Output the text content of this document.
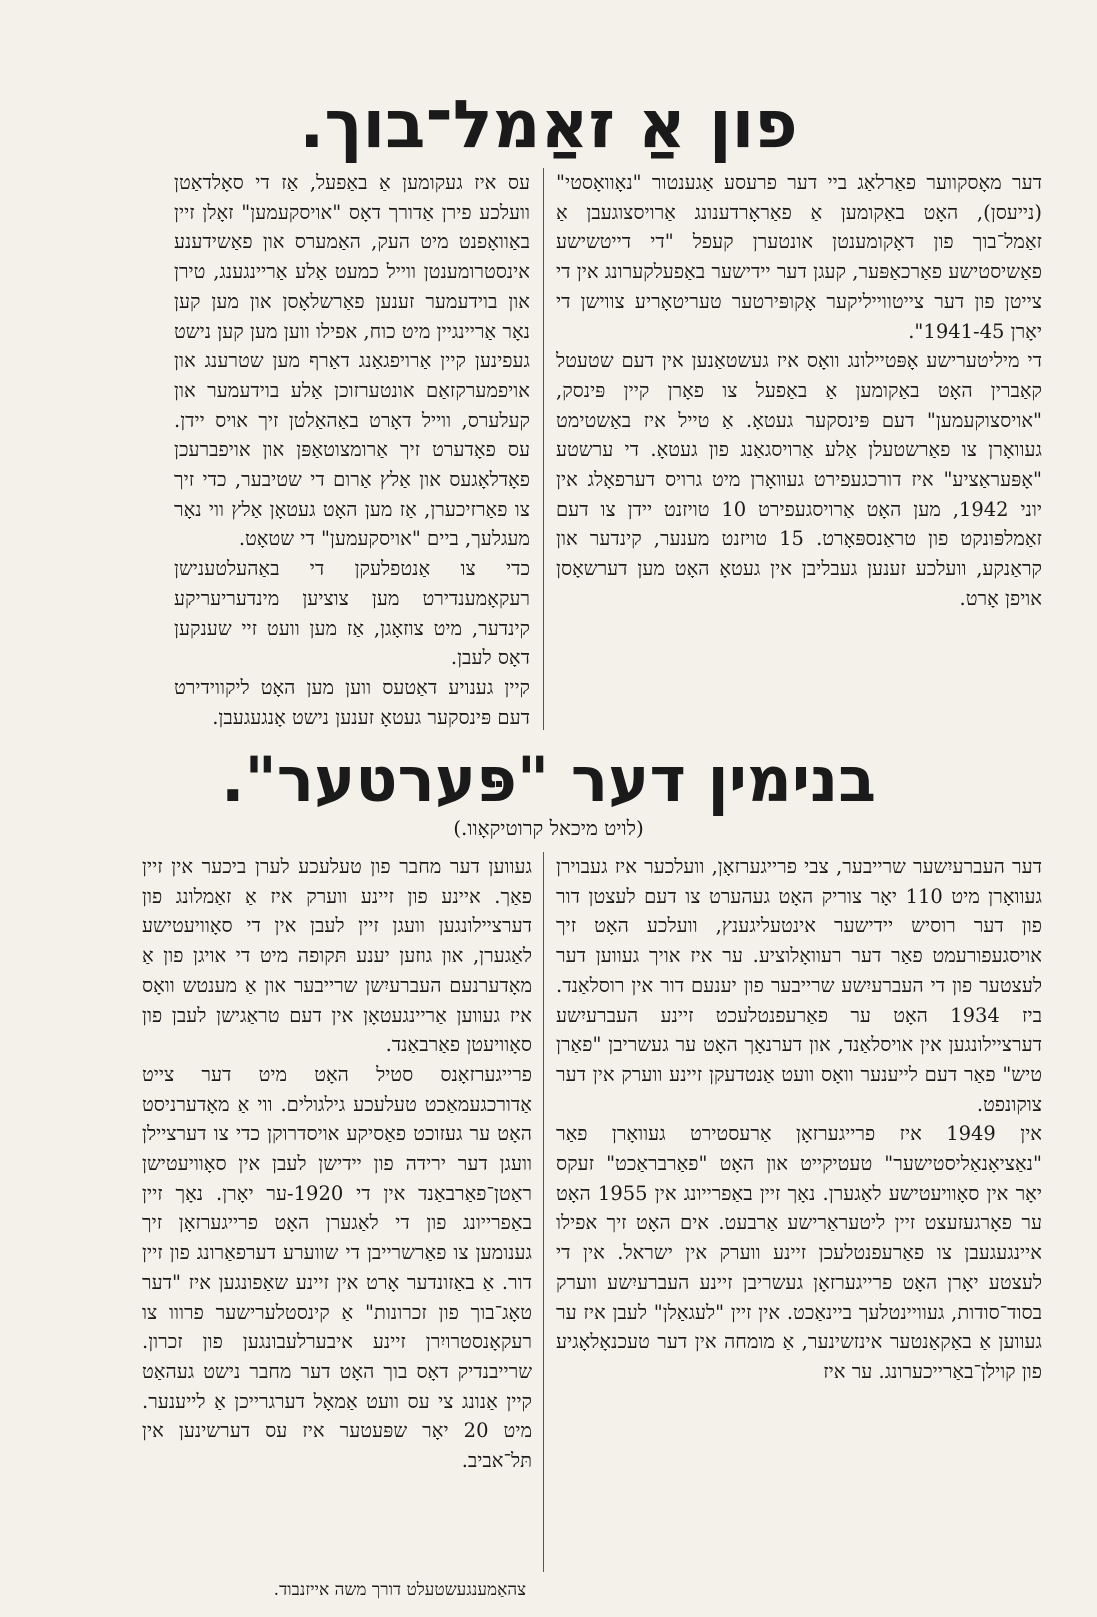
פון אַ זאַמל־בוך.

דער מאָסקווער פאַרלאַג ביי דער פרעסע אַגענטור "נאָוואָסטי" (נייעסן), האָט באַקומען אַ פאַראָרדענונג אַרויסצוגעבן אַ זאַמל־בוך פון דאָקומענטן אונטערן קעפל "די דייטשישע פאַשיסטישע פאַרכאַפּער, קעגן דער יידישער באַפעלקערונג אין די צייטן פון דער צייטווייליקער אָקופּירטער טעריטאָריע צווישן די יאָרן 1941-45".

די מיליטערישע אָפּטיילונג וואָס איז געשטאַנען אין דעם שטעטל קאַברין האָט באַקומען אַ באַפעל צו פאָרן קיין פּינסק, "אויסצוקעמען" דעם פּינסקער געטאָ. אַ טייל איז באַשטימט געוואָרן צו פאַרשטעלן אַלע אַרויסגאַנג פון געטאָ. די ערשטע "אָפּעראַציע" איז דורכגעפירט געוואָרן מיט גרויס דערפאָלג אין יוני 1942, מען האָט אַרויסגעפירט 10 טויזנט יידן צו דעם זאַמלפּונקט פון טראַנספּאָרט. 15 טויזנט מענער, קינדער און קראַנקע, וועלכע זענען געבליבן אין געטאָ האָט מען דערשאָסן אויפן אָרט.

עס איז געקומען אַ באַפעל, אַז די סאָלדאַטן וועלכע פירן אַדורך דאָס "אויסקעמען" זאָלן זיין באַוואָפנט מיט העק, האַמערס און פאַשידענע אינסטרומענטן ווייל כמעט אַלע אַריינגענג, טירן און בוידעמער זענען פאַרשלאָסן און מען קען נאָר אַריינגיין מיט כוח, אפילו ווען מען קען נישט געפינען קיין אַרויפגאַנג דאַרף מען שטרענג און אויפמערקזאַם אונטערזוכן אַלע בוידעמער און קעלערס, ווייל דאָרט באַהאַלטן זיך אויס יידן. עס פאָדערט זיך אַרומצוטאַפּן און אויפברעכן פאָדלאָגעס און אַלץ אַרום די שטיבער, כדי זיך צו פאַרזיכערן, אַז מען האָט געטאָן אַלץ ווי נאָר מעגלעך, ביים "אויסקעמען" די שטאָט.

כדי צו אַנטפלעקן די באַהעלטענישן רעקאָמענדירט מען צוציען מינדעריעריקע קינדער, מיט צוזאָגן, אַז מען וועט זיי שענקען דאָס לעבן.

קיין גענויע דאַטעס ווען מען האָט ליקווידירט דעם פּינסקער געטאָ זענען נישט אָנגעגעבן.

בנימין דער "פּערטער".
(לויט מיכאל קרוטיקאָוו.)

דער העברעיִשער שרייבער, צבי פרייגערזאָן, וועלכער איז געבוירן געוואָרן מיט 110 יאָר צוריק האָט געהערט צו דעם לעצטן דור פון דער רוסיש יידישער אינטעליגענץ, וועלכע האָט זיך אויסגעפורעמט פאַר דער רעוואָלוציע. ער איז אויך געווען דער לעצטער פון די העברעיִשע שרייבער פון יענעם דור אין רוסלאַנד. ביז 1934 האָט ער פאַרעפנטלעכט זיינע העברעיִשע דערציילונגען אין אויסלאַנד, און דערנאָך האָט ער געשריבן "פאַרן טיש" פאַר דעם לייענער וואָס וועט אַנטדעקן זיינע ווערק אין דער צוקונפט.

אין 1949 איז פרייגערזאָן אַרעסטירט געוואָרן פאַר "נאַציאָנאַליסטישער" טעטיקייט און האָט "פאַרבראַכט" זעקס יאָר אין סאָוויעטישע לאַגערן. נאָך זיין באַפרייונג אין 1955 האָט ער פאָרגעזעצט זיין ליטעראַרישע אַרבעט. אים האָט זיך אפילו איינגעגעבן צו פאַרעפנטלעכן זיינע ווערק אין ישראל. אין די לעצטע יאָרן האָט פרייגערזאָן געשריבן זיינע העברעיִשע ווערק בסוד־סודות, געוויינטלעך ביינאַכט. אין זיין "לעגאַלן" לעבן איז ער געווען אַ באַקאַנטער אינזשינער, אַ מומחה אין דער טעכנאָלאָגיע פון קוילן־באַרייכערונג. ער איז

געווען דער מחבר פון טעלעכע לערן ביכער אין זיין פאַך. איינע פון זיינע ווערק איז אַ זאַמלונג פון דערציילונגען וועגן זיין לעבן אין די סאָוויעטישע לאַגערן, און גוזען יענע תּקופה מיט די אויגן פון אַ מאָדערנעם העברעיִשן שרייבער און אַ מענטש וואָס איז געווען אַריינגעטאָן אין דעם טראַגישן לעבן פון סאָוויעטן פאַרבאַנד.

פרייגערזאָנס סטיל האָט מיט דער צייט אַדורכגעמאַכט טעלעכע גילגולים. ווי אַ מאָדערניסט האָט ער געזוכט פאַסיקע אויסדרוקן כדי צו דערציילן וועגן דער ירידה פון יידישן לעבן אין סאָוויעטישן ראַטן־פאַרבאַנד אין די 1920-ער יאָרן. נאָך זיין באַפרייונג פון די לאַגערן האָט פרייגערזאָן זיך גענומען צו פאַרשרייבן די שווערע דערפאַרונג פון זיין דור. אַ באַזונדער אָרט אין זיינע שאַפונגען איז "דער טאָג־בוך פון זכרונות" אַ קינסטלערישער פרווו צו רעקאָנסטרויִרן זיינע איבערלעבונגען פון זכרון. שרייבנדיק דאָס בוך האָט דער מחבר נישט געהאַט קיין אַנונג צי עס וועט אַמאָל דערגרייכן אַ לייענער. מיט 20 יאָר שפּעטער איז עס דערשינען אין תּל־אביב.

צהאַמענגעשטעלט דורך משה אייזנבוד.
